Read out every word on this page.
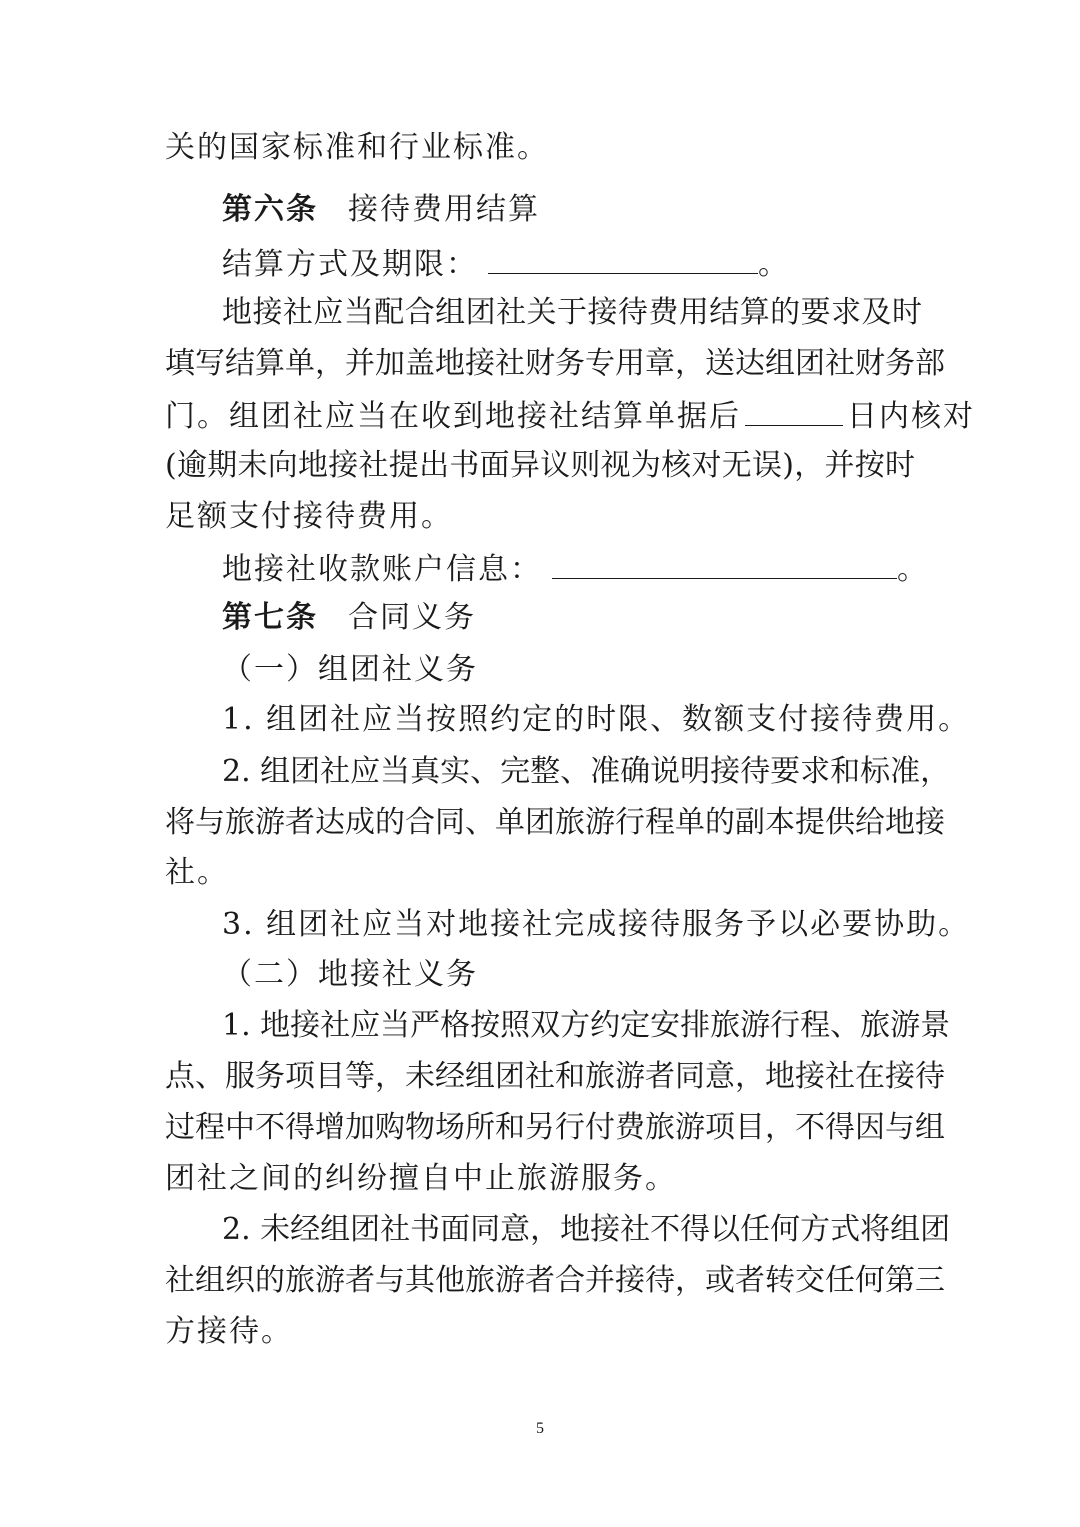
关的国家标准和行业标准。
第六条 接待费用结算
结算方式及期限：	。
地接社应当配合组团社关于接待费用结算的要求及时
填写结算单，并加盖地接社财务专用章，送达组团社财务部
门。组团社应当在收到地接社结算单据后	日内核对
(逾期未向地接社提出书面异议则视为核对无误)，并按时
足额支付接待费用。
地接社收款账户信息：	。
第七条 合同义务
（一）组团社义务
1. 组团社应当按照约定的时限、数额支付接待费用。
2. 组团社应当真实、完整、准确说明接待要求和标准，
将与旅游者达成的合同、单团旅游行程单的副本提供给地接
社。
3. 组团社应当对地接社完成接待服务予以必要协助。
（二）地接社义务
1. 地接社应当严格按照双方约定安排旅游行程、旅游景
点、服务项目等，未经组团社和旅游者同意，地接社在接待
过程中不得增加购物场所和另行付费旅游项目，不得因与组
团社之间的纠纷擅自中止旅游服务。
2. 未经组团社书面同意，地接社不得以任何方式将组团
社组织的旅游者与其他旅游者合并接待，或者转交任何第三
方接待。
5
